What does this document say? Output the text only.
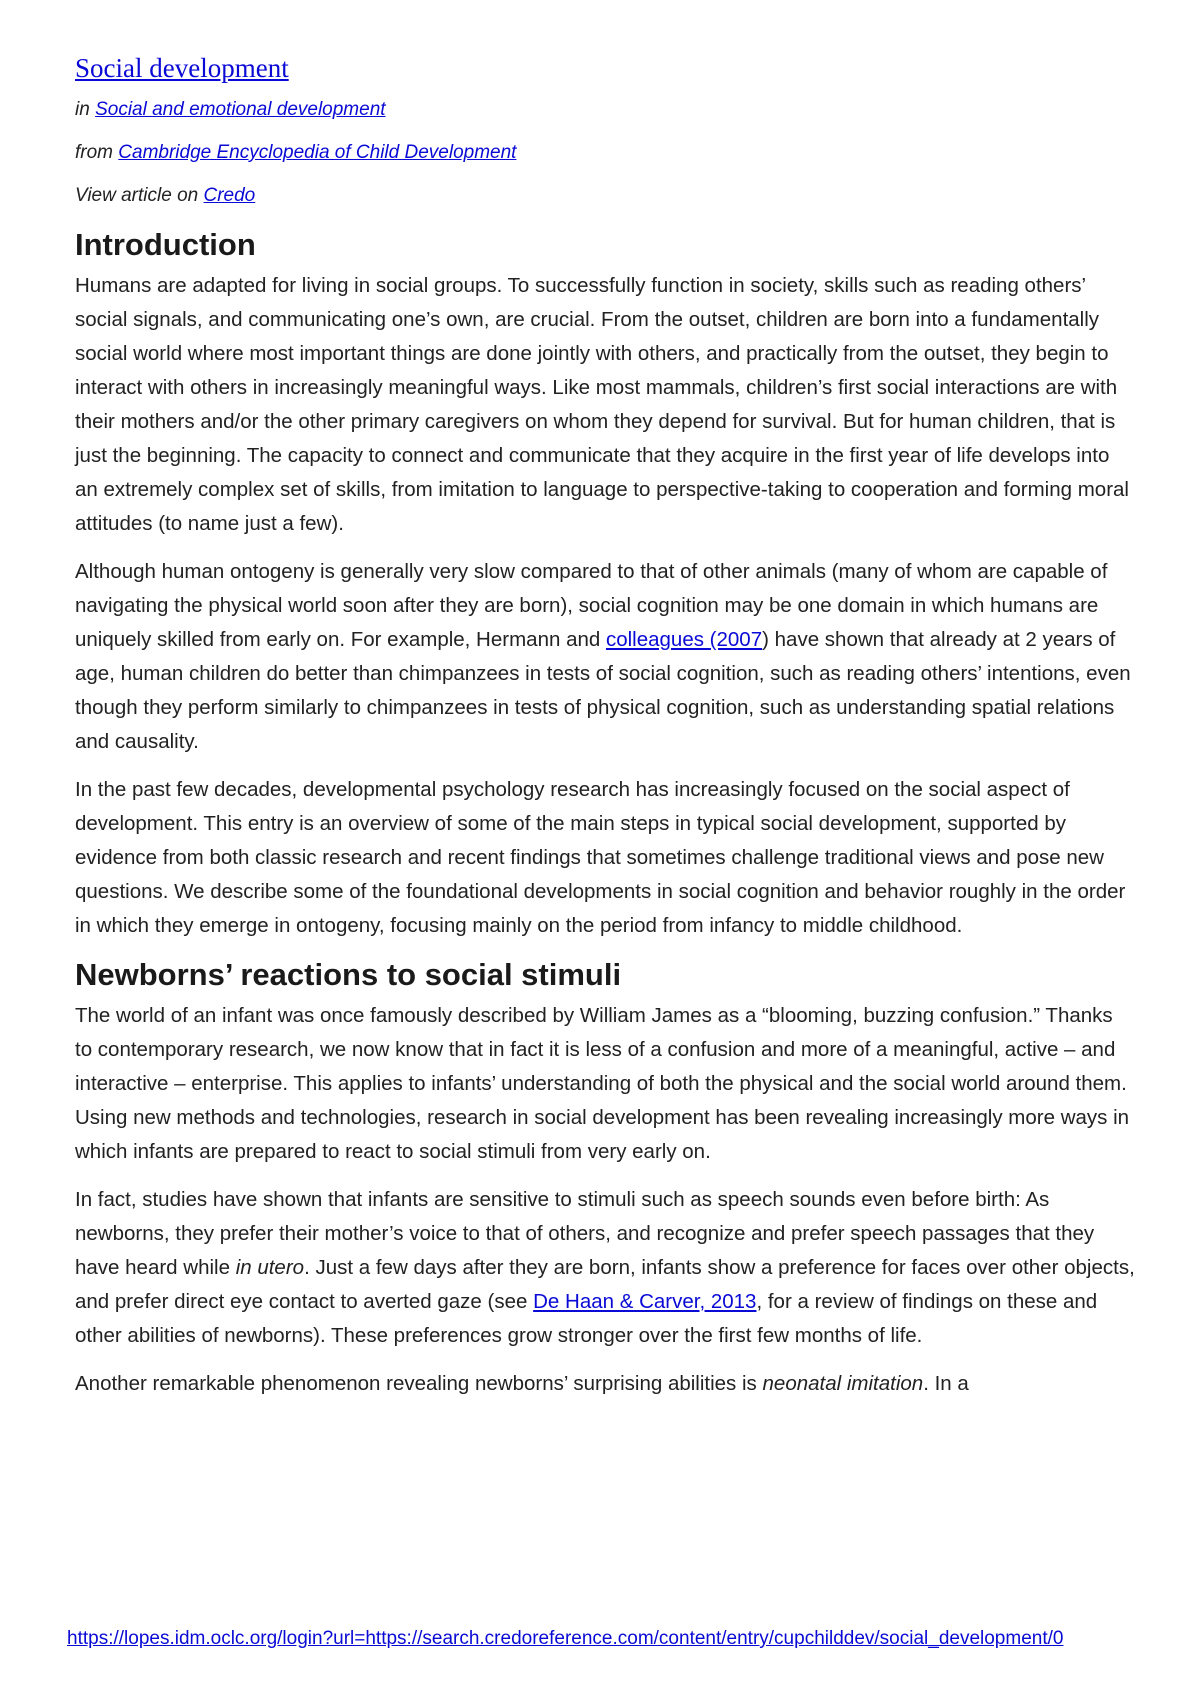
Social development
in Social and emotional development
from Cambridge Encyclopedia of Child Development
View article on Credo
Introduction

Humans are adapted for living in social groups. To successfully function in society, skills such as reading others’ social signals, and communicating one’s own, are crucial. From the outset, children are born into a fundamentally social world where most important things are done jointly with others, and practically from the outset, they begin to interact with others in increasingly meaningful ways. Like most mammals, children’s first social interactions are with their mothers and/or the other primary caregivers on whom they depend for survival. But for human children, that is just the beginning. The capacity to connect and communicate that they acquire in the first year of life develops into an extremely complex set of skills, from imitation to language to perspective-taking to cooperation and forming moral attitudes (to name just a few).

Although human ontogeny is generally very slow compared to that of other animals (many of whom are capable of navigating the physical world soon after they are born), social cognition may be one domain in which humans are uniquely skilled from early on. For example, Hermann and colleagues (2007) have shown that already at 2 years of age, human children do better than chimpanzees in tests of social cognition, such as reading others’ intentions, even though they perform similarly to chimpanzees in tests of physical cognition, such as understanding spatial relations and causality.

In the past few decades, developmental psychology research has increasingly focused on the social aspect of development. This entry is an overview of some of the main steps in typical social development, supported by evidence from both classic research and recent findings that sometimes challenge traditional views and pose new questions. We describe some of the foundational developments in social cognition and behavior roughly in the order in which they emerge in ontogeny, focusing mainly on the period from infancy to middle childhood.

Newborns’ reactions to social stimuli

The world of an infant was once famously described by William James as a “blooming, buzzing confusion.” Thanks to contemporary research, we now know that in fact it is less of a confusion and more of a meaningful, active – and interactive – enterprise. This applies to infants’ understanding of both the physical and the social world around them. Using new methods and technologies, research in social development has been revealing increasingly more ways in which infants are prepared to react to social stimuli from very early on.

In fact, studies have shown that infants are sensitive to stimuli such as speech sounds even before birth: As newborns, they prefer their mother’s voice to that of others, and recognize and prefer speech passages that they have heard while in utero. Just a few days after they are born, infants show a preference for faces over other objects, and prefer direct eye contact to averted gaze (see De Haan & Carver, 2013, for a review of findings on these and other abilities of newborns). These preferences grow stronger over the first few months of life.

Another remarkable phenomenon revealing newborns’ surprising abilities is neonatal imitation. In a

https://lopes.idm.oclc.org/login?url=https://search.credoreference.com/content/entry/cupchilddev/social_development/0
